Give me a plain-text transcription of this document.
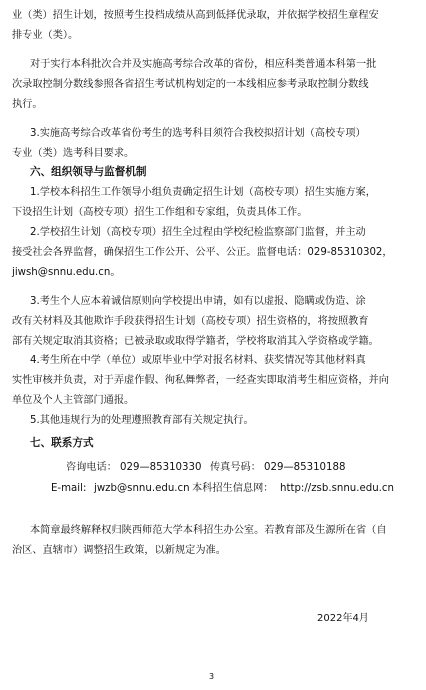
业（类）招生计划，按照考生投档成绩从高到低择优录取，并依据学校招生章程安
排专业（类）。
对于实行本科批次合并及实施高考综合改革的省份，相应科类普通本科第一批
次录取控制分数线参照各省招生考试机构划定的一本线相应参考录取控制分数线
执行。
3.实施高考综合改革省份考生的选考科目须符合我校拟招计划（高校专项）
专业（类）选考科目要求。
六、组织领导与监督机制
1.学校本科招生工作领导小组负责确定招生计划（高校专项）招生实施方案，
下设招生计划（高校专项）招生工作组和专家组，负责具体工作。
2.学校招生计划（高校专项）招生全过程由学校纪检监察部门监督，并主动
接受社会各界监督，确保招生工作公开、公平、公正。监督电话：029-85310302，
jiwsh@snnu.edu.cn。
3.考生个人应本着诚信原则向学校提出申请，如有以虚报、隐瞒或伪造、涂
改有关材料及其他欺诈手段获得招生计划（高校专项）招生资格的，将按照教育
部有关规定取消其资格；已被录取或取得学籍者，学校将取消其入学资格或学籍。
4.考生所在中学（单位）或原毕业中学对报名材料、获奖情况等其他材料真
实性审核并负责，对于弄虚作假、徇私舞弊者，一经查实即取消考生相应资格，并向
单位及个人主管部门通报。
5.其他违规行为的处理遵照教育部有关规定执行。
七、联系方式
咨询电话： 029—85310330 传真号码： 029—85310188
E-mail: jwzb@snnu.edu.cn 本科招生信息网： http://zsb.snnu.edu.cn
本简章最终解释权归陕西师范大学本科招生办公室。若教育部及生源所在省（自
治区、直辖市）调整招生政策，以新规定为准。
2022年4月
3
